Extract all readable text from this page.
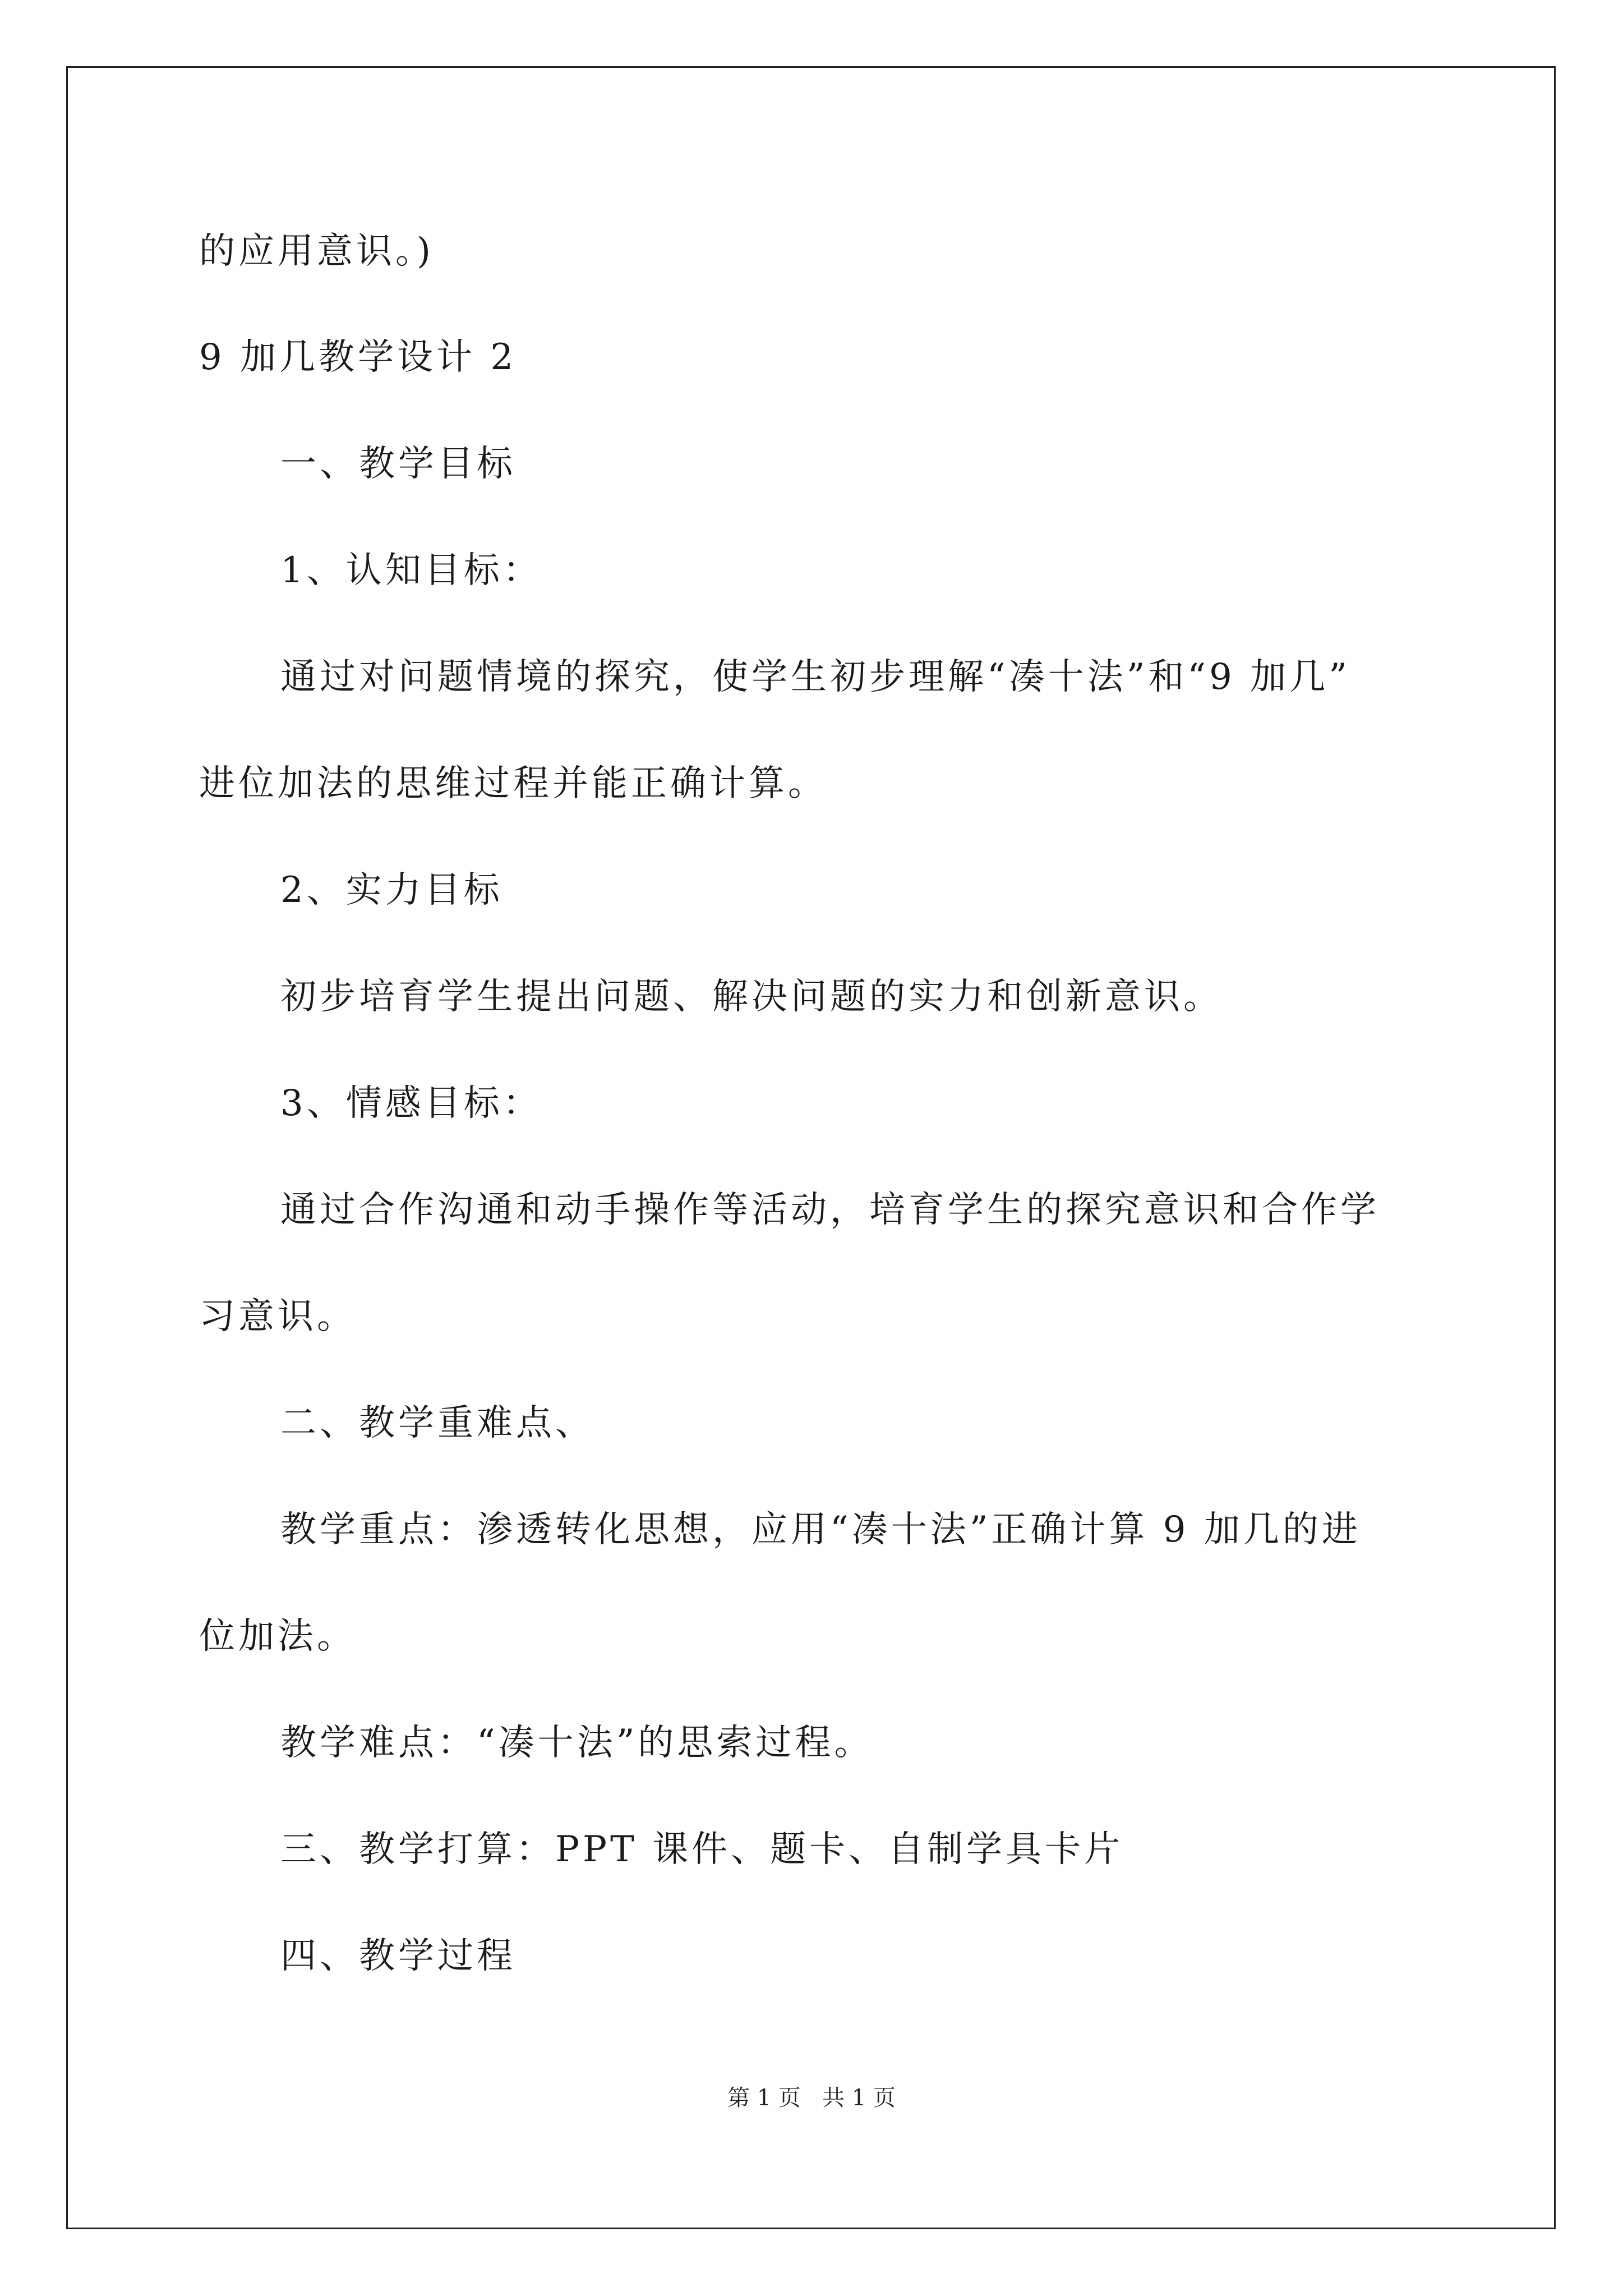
的应用意识。)
9 加几教学设计 2
一、教学目标
1、认知目标：
通过对问题情境的探究，使学生初步理解“凑十法”和“9 加几”
进位加法的思维过程并能正确计算。
2、实力目标
初步培育学生提出问题、解决问题的实力和创新意识。
3、情感目标：
通过合作沟通和动手操作等活动，培育学生的探究意识和合作学
习意识。
二、教学重难点、
教学重点：渗透转化思想，应用“凑十法”正确计算 9 加几的进
位加法。
教学难点：“凑十法”的思索过程。
三、教学打算：PPT 课件、题卡、自制学具卡片
四、教学过程
第 1 页   共 1 页
